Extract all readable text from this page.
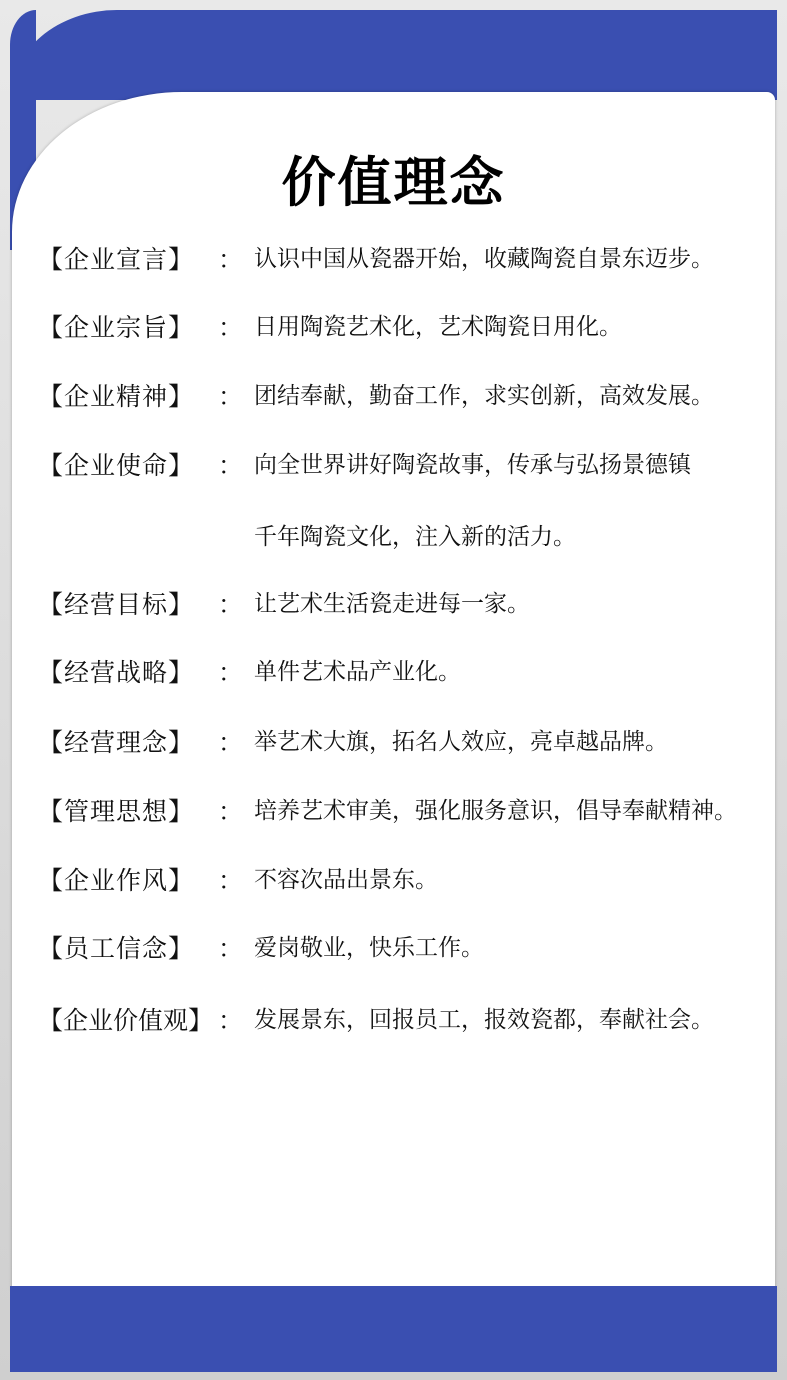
价值理念
【企业宣言】 ： 认识中国从瓷器开始，收藏陶瓷自景东迈步。
【企业宗旨】 ： 日用陶瓷艺术化，艺术陶瓷日用化。
【企业精神】 ： 团结奉献，勤奋工作，求实创新，高效发展。
【企业使命】 ： 向全世界讲好陶瓷故事，传承与弘扬景德镇
千年陶瓷文化，注入新的活力。
【经营目标】 ： 让艺术生活瓷走进每一家。
【经营战略】 ： 单件艺术品产业化。
【经营理念】 ： 举艺术大旗，拓名人效应，亮卓越品牌。
【管理思想】 ： 培养艺术审美，强化服务意识，倡导奉献精神。
【企业作风】 ： 不容次品出景东。
【员工信念】 ： 爱岗敬业，快乐工作。
【企业价值观】 ： 发展景东，回报员工，报效瓷都，奉献社会。
